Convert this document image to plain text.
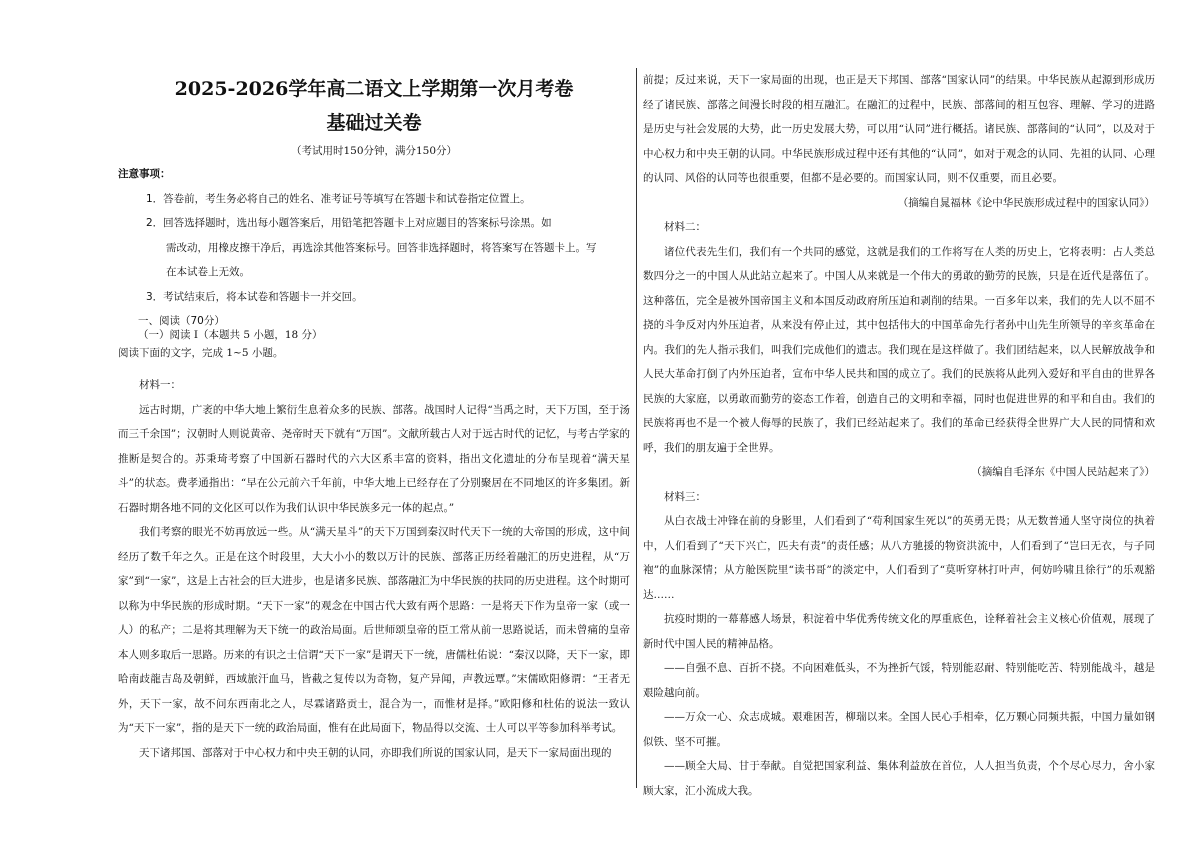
2025-2026学年高二语文上学期第一次月考卷
基础过关卷
（考试用时150分钟，满分150分）

注意事项：

1．答卷前，考生务必将自己的姓名、准考证号等填写在答题卡和试卷指定位置上。

2．回答选择题时，选出每小题答案后，用铅笔把答题卡上对应题目的答案标号涂黑。如

需改动，用橡皮擦干净后，再选涂其他答案标号。回答非选择题时，将答案写在答题卡上。写

在本试卷上无效。

3．考试结束后，将本试卷和答题卡一并交回。

一、阅读（70分）

（一）阅读 I（本题共 5 小题，18 分）

阅读下面的文字，完成 1~5 小题。

材料一：

远古时期，广袤的中华大地上繁衍生息着众多的民族、部落。战国时人记得“当禹之时，天下万国，至于汤而三千余国”；汉朝时人则说黄帝、尧帝时天下就有“万国”。文献所载古人对于远古时代的记忆，与考古学家的推断是契合的。苏秉琦考察了中国新石器时代的六大区系丰富的资料，指出文化遗址的分布呈现着“满天星斗”的状态。费孝通指出：“早在公元前六千年前，中华大地上已经存在了分别聚居在不同地区的许多集团。新石器时期各地不同的文化区可以作为我们认识中华民族多元一体的起点。”

我们考察的眼光不妨再放远一些。从“满天星斗”的天下万国到秦汉时代天下一统的大帝国的形成，这中间经历了数千年之久。正是在这个时段里，大大小小的数以万计的民族、部落正历经着融汇的历史进程，从“万家”到“一家”，这是上古社会的巨大进步，也是诸多民族、部落融汇为中华民族的扶同的历史进程。这个时期可以称为中华民族的形成时期。“天下一家”的观念在中国古代大致有两个思路：一是将天下作为皇帝一家（或一人）的私产；二是将其理解为天下统一的政治局面。后世师颂皇帝的臣工常从前一思路说话，而未曾痛的皇帝本人则多取后一思路。历来的有识之士信谓“天下一家”是谓天下一统，唐儒杜佑说：“秦汉以降，天下一家，即哈南歧龍吉岛及朝鲜，西域旅汗血马，皆截之复传以为奇物，复产异闻，声教远覃。”宋儒欧阳修谓：“王者无外，天下一家，故不问东西南北之人，尽霖诸路贡士，混合为一，而惟材是择。”欧阳修和杜佑的说法一致认为“天下一家”，指的是天下一统的政治局面，惟有在此局面下，物品得以交流、士人可以平等参加科举考试。

天下诸邦国、部落对于中心权力和中央王朝的认同，亦即我们所说的国家认同，是天下一家局面出现的

前提；反过来说，天下一家局面的出现，也正是天下邦国、部落“国家认同”的结果。中华民族从起源到形成历经了诸民族、部落之间漫长时段的相互融汇。在融汇的过程中，民族、部落间的相互包容、理解、学习的进路是历史与社会发展的大势，此一历史发展大势，可以用“认同”进行概括。诸民族、部落间的“认同”，以及对于中心权力和中央王朝的认同。中华民族形成过程中还有其他的“认同”，如对于观念的认同、先祖的认同、心理的认同、风俗的认同等也很重要，但都不是必要的。而国家认同，则不仅重要，而且必要。

（摘编自晁福林《论中华民族形成过程中的国家认同》）

材料二：

诸位代表先生们，我们有一个共同的感觉，这就是我们的工作将写在人类的历史上，它将表明：占人类总数四分之一的中国人从此站立起来了。中国人从来就是一个伟大的勇敢的勤劳的民族，只是在近代是落伍了。这种落伍，完全是被外国帝国主义和本国反动政府所压迫和剥削的结果。一百多年以来，我们的先人以不屈不挠的斗争反对内外压迫者，从来没有停止过，其中包括伟大的中国革命先行者孙中山先生所领导的辛亥革命在内。我们的先人指示我们，叫我们完成他们的遗志。我们现在是这样做了。我们团结起来，以人民解放战争和人民大革命打倒了内外压迫者，宣布中华人民共和国的成立了。我们的民族将从此列入爱好和平自由的世界各民族的大家庭，以勇敢而勤劳的姿态工作着，创造自己的文明和幸福，同时也促进世界的和平和自由。我们的民族将再也不是一个被人侮辱的民族了，我们已经站起来了。我们的革命已经获得全世界广大人民的同情和欢呼，我们的朋友遍于全世界。

（摘编自毛泽东《中国人民站起来了》）

材料三：

从白衣战士冲锋在前的身影里，人们看到了“苟利国家生死以”的英勇无畏；从无数普通人坚守岗位的执着中，人们看到了“天下兴亡，匹夫有责”的责任感；从八方驰援的物资洪流中，人们看到了“岂曰无衣，与子同袍”的血脉深情；从方舱医院里“读书哥”的淡定中，人们看到了“莫听穿林打叶声，何妨吟啸且徐行”的乐观豁达……

抗疫时期的一幕幕感人场景，积淀着中华优秀传统文化的厚重底色，诠释着社会主义核心价值观，展现了新时代中国人民的精神品格。

——自强不息、百折不挠。不向困难低头，不为挫折气馁，特别能忍耐、特别能吃苦、特别能战斗，越是艰险越向前。

——万众一心、众志成城。艰难困苦，柳瑞以来。全国人民心手相牵，亿万颗心同频共振，中国力量如钢似铁、坚不可摧。

——顾全大局、甘于奉献。自觉把国家利益、集体利益放在首位，人人担当负责，个个尽心尽力，舍小家顾大家，汇小流成大我。
